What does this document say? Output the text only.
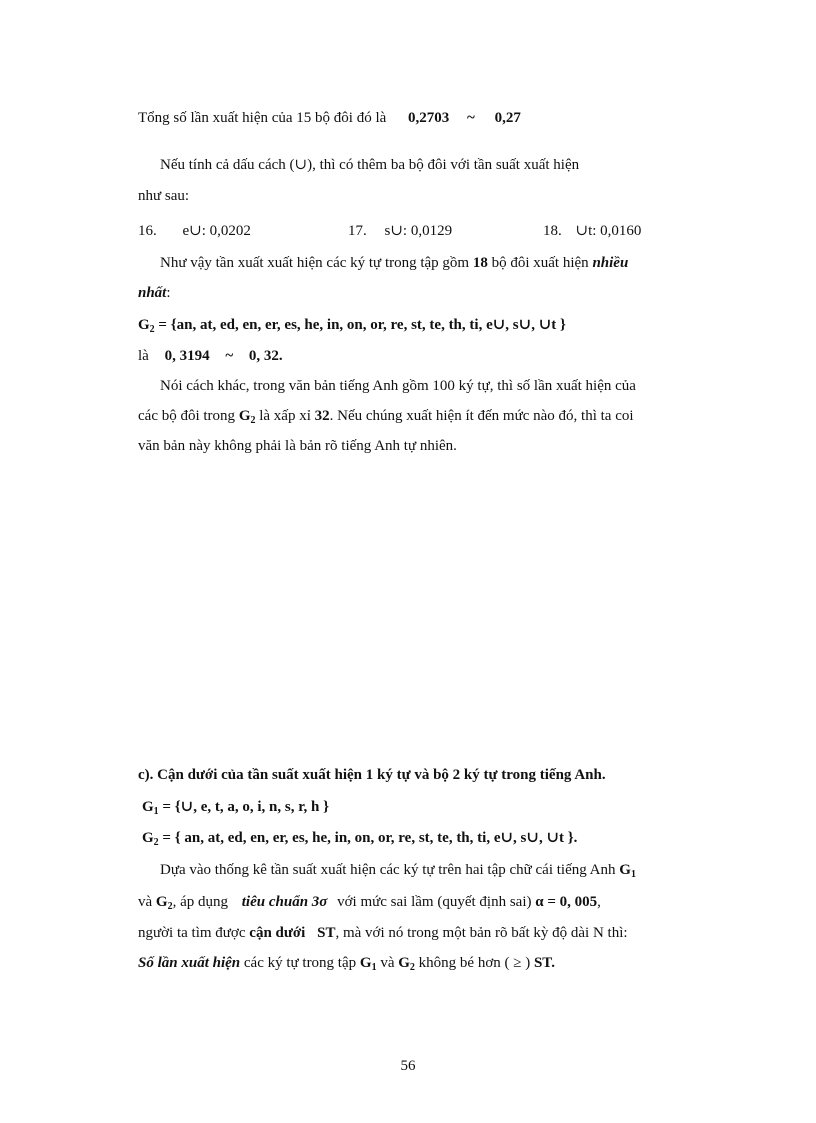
Tổng số lần xuất hiện của 15 bộ đôi đó là 0,2703 ~ 0,27
Nếu tính cả dấu cách (∪), thì có thêm ba bộ đôi với tần suất xuất hiện
như sau:
16. e∪: 0,0202	17. s∪: 0,0129	18. ∪t: 0,0160
Như vậy tần xuất xuất hiện các ký tự trong tập gồm 18 bộ đôi xuất hiện nhiều
nhất:
$G_2 = \{an$, at, ed, en, er, es, he, in, on, or, re, st, te, th, ti, e∪, s∪, ∪t }
là 0, 3194 ~ 0, 32.
Nói cách khác, trong văn bản tiếng Anh gồm 100 ký tự, thì số lần xuất hiện của
các bộ đôi trong $G_2$ là xấp xỉ 32. Nếu chúng xuất hiện ít đến mức nào đó, thì ta coi
văn bản này không phải là bản rõ tiếng Anh tự nhiên.
c). Cận dưới của tần suất xuất hiện 1 ký tự và bộ 2 ký tự trong tiếng Anh.
$G_1$ = {∪, e, t, a, o, i, n, s, r, h }
$G_2$ = { an, at, ed, en, er, es, he, in, on, or, re, st, te, th, ti, e∪, s∪, ∪t }.
Dựa vào thống kê tần suất xuất hiện các ký tự trên hai tập chữ cái tiếng Anh $G_1$
và $G_2$, áp dụng tiêu chuẩn 3σ với mức sai lầm (quyết định sai) α = 0, 005,
người ta tìm được cận dưới ST, mà với nó trong một bản rõ bất kỳ độ dài N thì:
Số lần xuất hiện các ký tự trong tập $G_1$ và $G_2$ không bé hơn ( ≥ ) ST.
56
